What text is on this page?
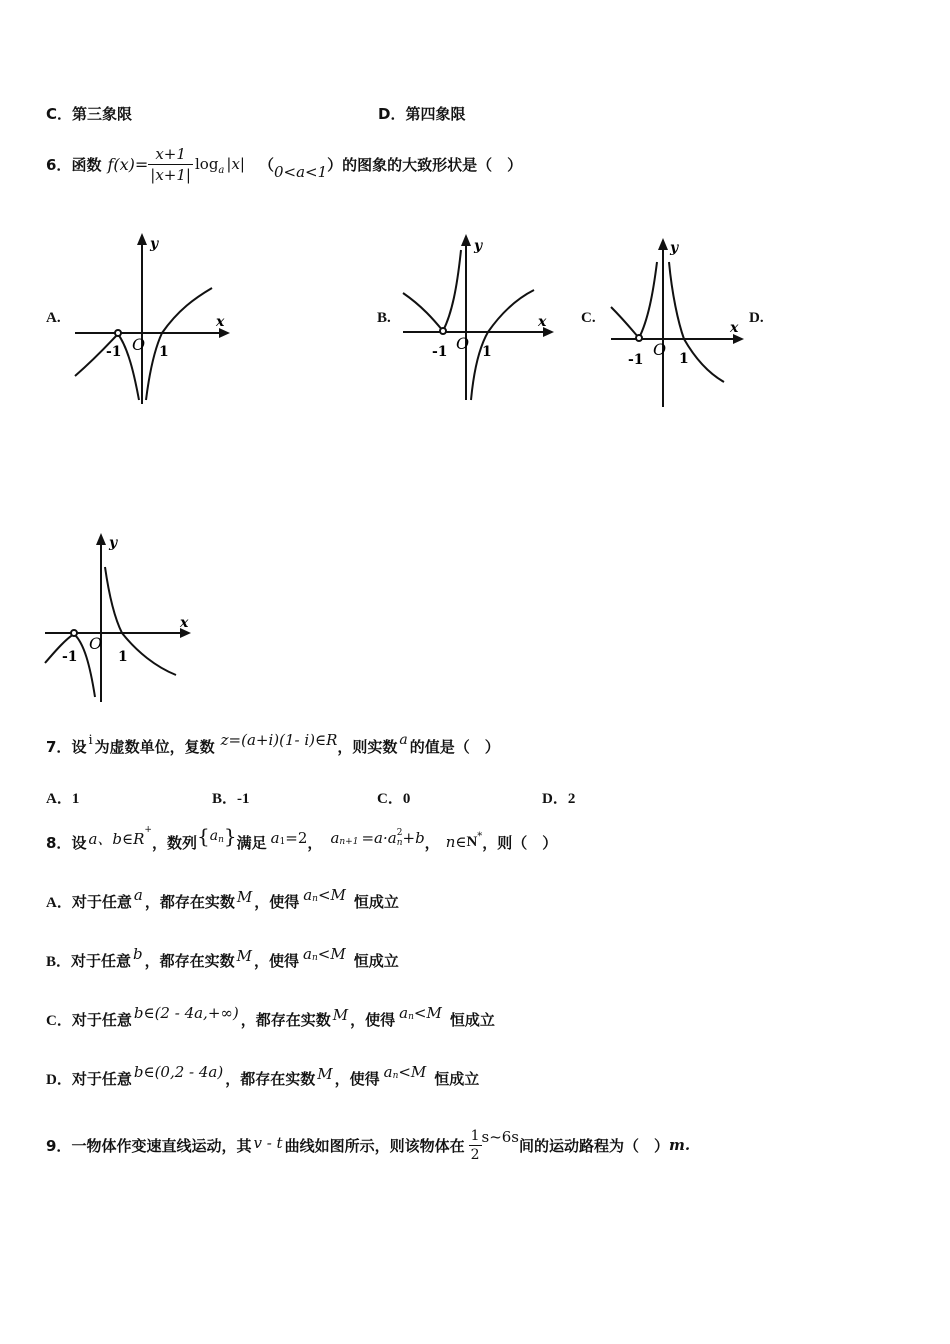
C．第三象限	D．第四象限
6． 函数 $f(x)= \frac{x+1}{|x+1|}$ log a |x| （ 0<a<1 ） 的图象的大致形状是（　）
A.	B.	C.	D.
y
x
-1 O 1
y
x
-1 O 1
y
x
-1
O 1
y
x
-1
O
1
7． 设 i 为虚数单位，复数 z=(a+i)(1- i)∈R ，则实数 a 的值是（　）
A．1	B．-1	C．0	D．2
8． 设 a、b∈R +
，数列 { a n } 满足 a 1 =2 ， a n+1 =a·a 2
n +b ， n∈ N * ，则（　）
A． 对于任意 a ，都存在实数 M ，使得 a n <M 恒成立
B． 对于任意 b ，都存在实数 M ，使得 a n <M 恒成立
C． 对于任意 b∈(2 - 4a,+∞) ，都存在实数 M ，使得 a n <M 恒成立
D． 对于任意 b∈(0,2 - 4a) ，都存在实数 M ，使得 a n <M 恒成立
9． 一物体作变速直线运动，其 v - t 曲线如图所示，则该物体在 $\frac{1}{2}$ s~6s 间的运动路程为（　） m.
